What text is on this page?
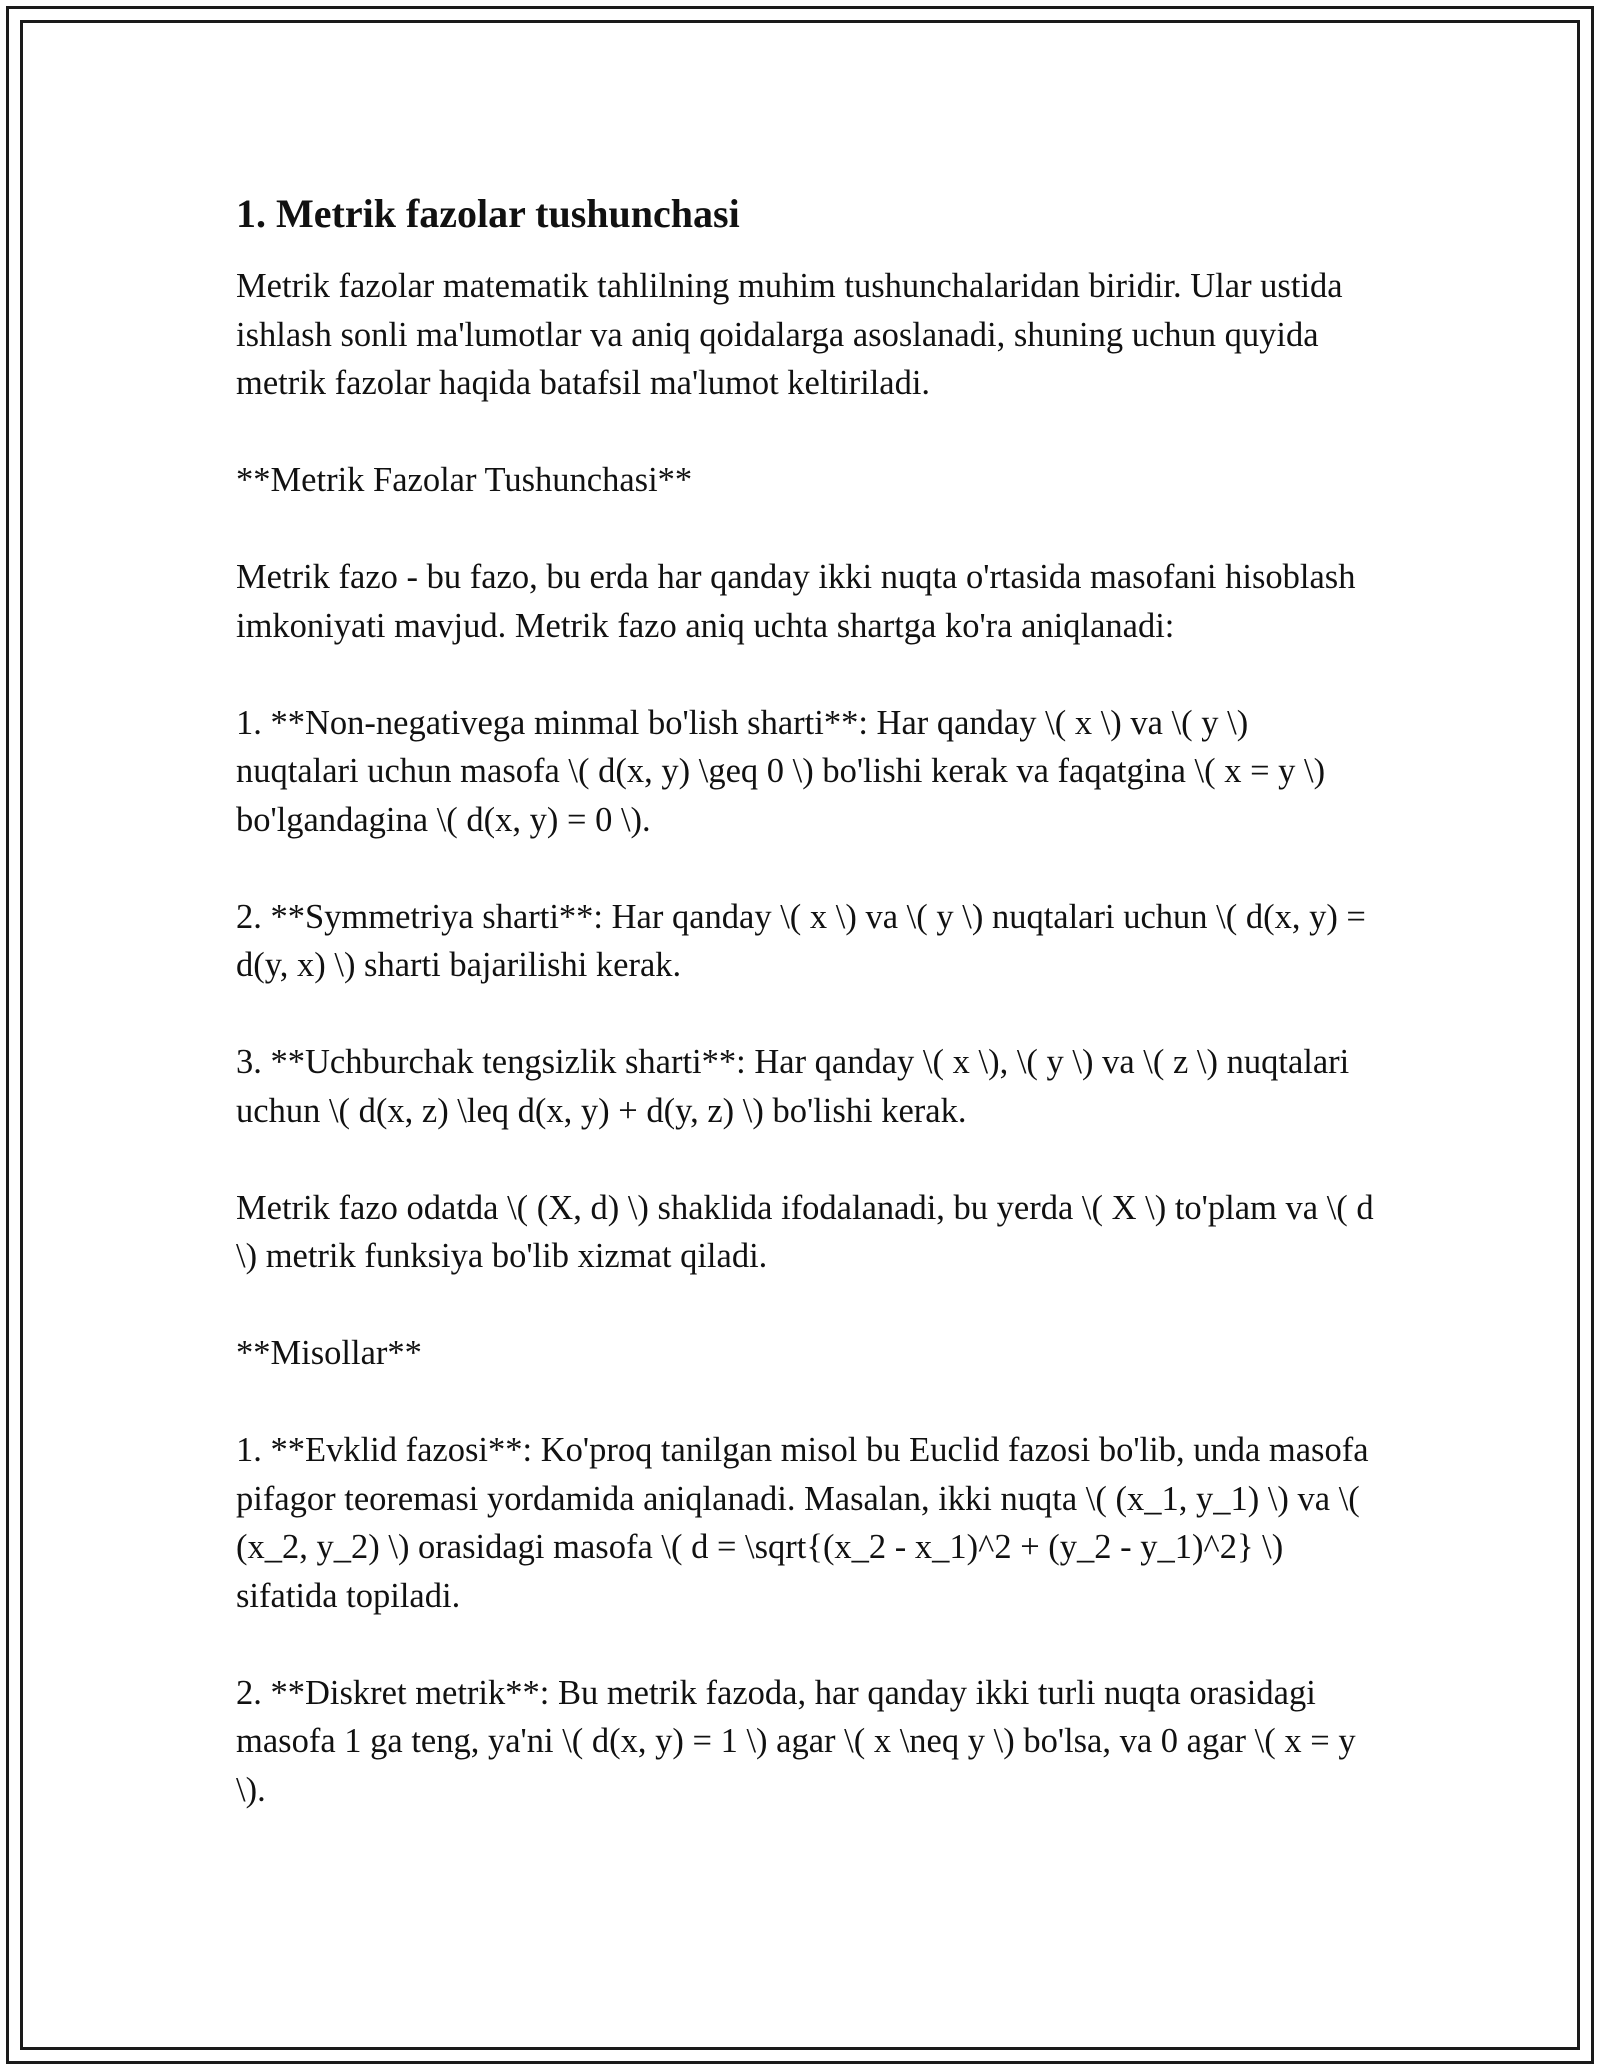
1. Metrik fazolar tushunchasi

Metrik fazolar matematik tahlilning muhim tushunchalaridan biridir. Ular ustida ishlash sonli ma'lumotlar va aniq qoidalarga asoslanadi, shuning uchun quyida metrik fazolar haqida batafsil ma'lumot keltiriladi.

**Metrik Fazolar Tushunchasi**

Metrik fazo - bu fazo, bu erda har qanday ikki nuqta o'rtasida masofani hisoblash imkoniyati mavjud. Metrik fazo aniq uchta shartga ko'ra aniqlanadi:

1. **Non-negativega minmal bo'lish sharti**: Har qanday \( x \) va \( y \) nuqtalari uchun masofa \( d(x, y) \geq 0 \) bo'lishi kerak va faqatgina \( x = y \) bo'lgandagina \( d(x, y) = 0 \).

2. **Symmetriya sharti**: Har qanday \( x \) va \( y \) nuqtalari uchun \( d(x, y) = d(y, x) \) sharti bajarilishi kerak.

3. **Uchburchak tengsizlik sharti**: Har qanday \( x \), \( y \) va \( z \) nuqtalari uchun \( d(x, z) \leq d(x, y) + d(y, z) \) bo'lishi kerak.

Metrik fazo odatda \( (X, d) \) shaklida ifodalanadi, bu yerda \( X \) to'plam va \( d \) metrik funksiya bo'lib xizmat qiladi.

**Misollar**

1. **Evklid fazosi**: Ko'proq tanilgan misol bu Euclid fazosi bo'lib, unda masofa pifagor teoremasi yordamida aniqlanadi. Masalan, ikki nuqta \( (x_1, y_1) \) va \( (x_2, y_2) \) orasidagi masofa \( d = \sqrt{(x_2 - x_1)^2 + (y_2 - y_1)^2} \) sifatida topiladi.

2. **Diskret metrik**: Bu metrik fazoda, har qanday ikki turli nuqta orasidagi masofa 1 ga teng, ya'ni \( d(x, y) = 1 \) agar \( x \neq y \) bo'lsa, va 0 agar \( x = y \).
